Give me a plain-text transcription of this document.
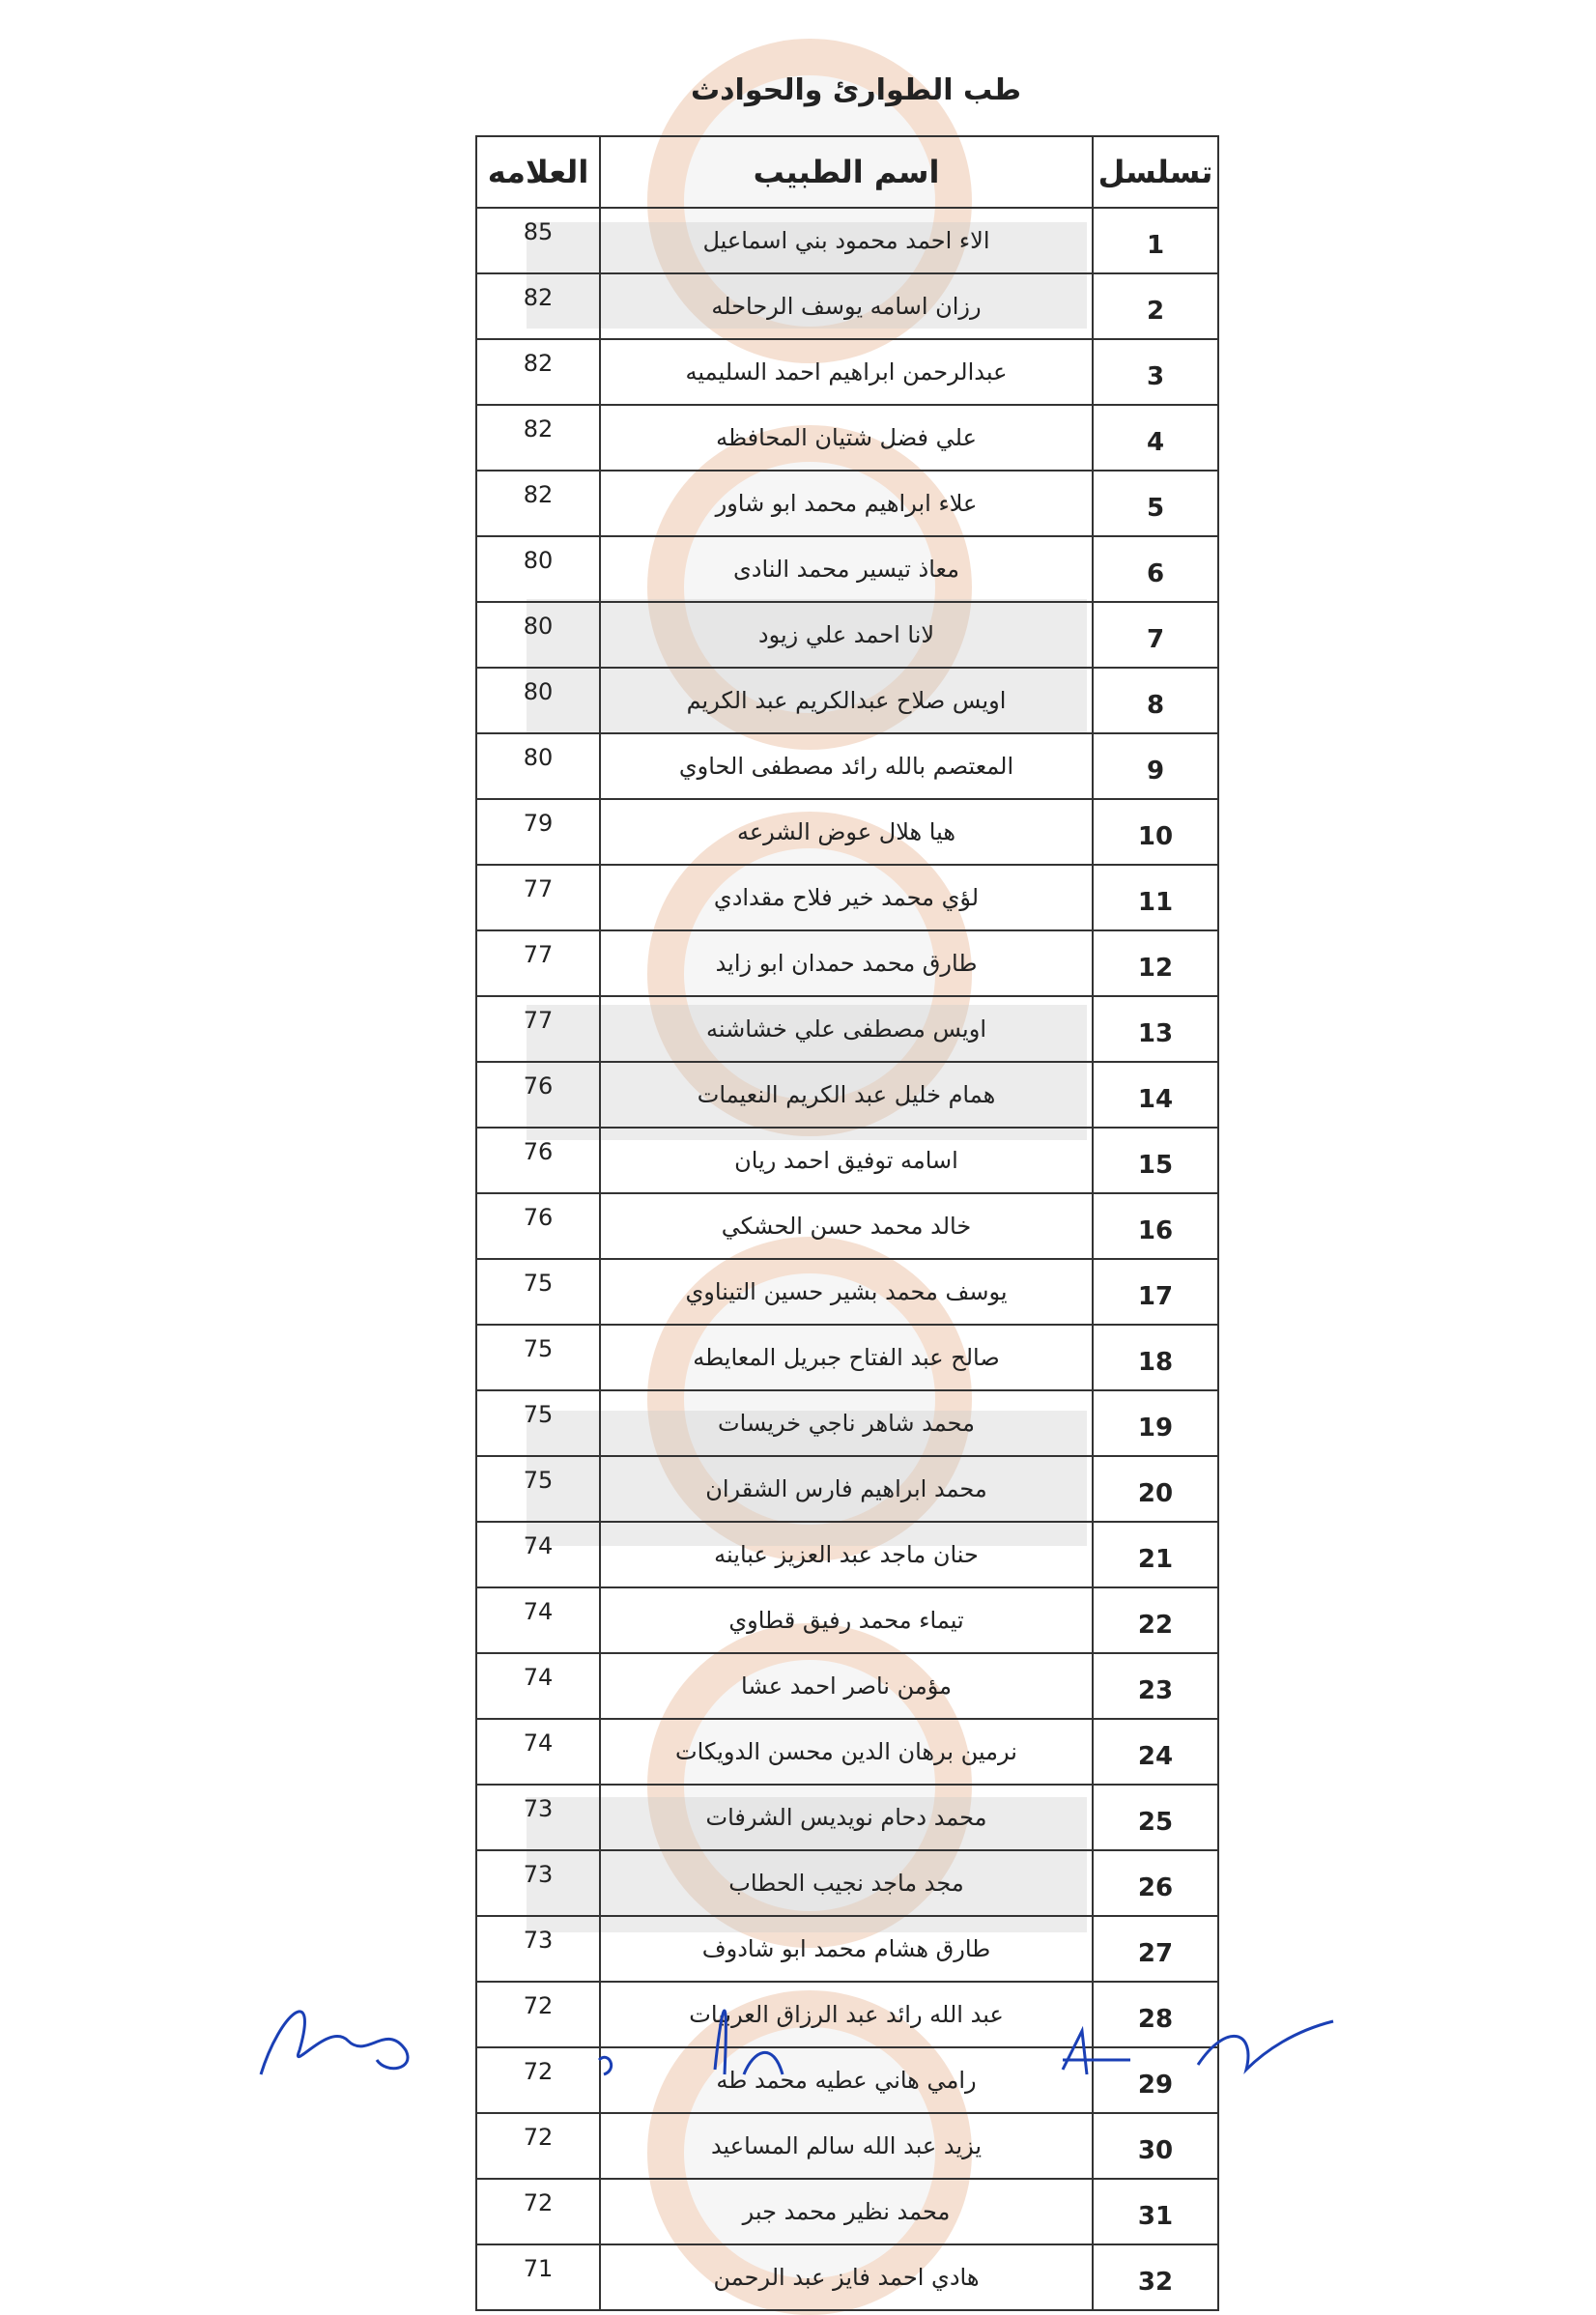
طب الطوارئ والحوادث
تسلسل	اسم الطبيب	العلامه
1	الاء احمد محمود بني اسماعيل	85
2	رزان اسامه يوسف الرحاحله	82
3	عبدالرحمن ابراهيم احمد السليميه	82
4	علي فضل شتيان المحافظه	82
5	علاء ابراهيم محمد ابو شاور	82
6	معاذ تيسير محمد النادى	80
7	لانا احمد علي زيود	80
8	اويس صلاح عبدالكريم عبد الكريم	80
9	المعتصم بالله رائد مصطفى الحاوي	80
10	هيا هلال عوض الشرعه	79
11	لؤي محمد خير فلاح مقدادي	77
12	طارق محمد حمدان ابو زايد	77
13	اويس مصطفى علي خشاشنه	77
14	همام خليل عبد الكريم النعيمات	76
15	اسامه توفيق احمد ريان	76
16	خالد محمد حسن الحشكي	76
17	يوسف محمد بشير حسين التيناوي	75
18	صالح عبد الفتاح جبريل المعايطه	75
19	محمد شاهر ناجي خريسات	75
20	محمد ابراهيم فارس الشقران	75
21	حنان ماجد عبد العزيز عباينه	74
22	تيماء محمد رفيق قطاوي	74
23	مؤمن ناصر احمد عشا	74
24	نرمين برهان الدين محسن الدويكات	74
25	محمد دحام نويديس الشرفات	73
26	مجد ماجد نجيب الحطاب	73
27	طارق هشام محمد ابو شادوف	73
28	عبد الله رائد عبد الرزاق العربيات	72
29	رامي هاني عطيه محمد طه	72
30	يزيد عبد الله سالم المساعيد	72
31	محمد نظير محمد جبر	72
32	هادي احمد فايز عبد الرحمن	71
